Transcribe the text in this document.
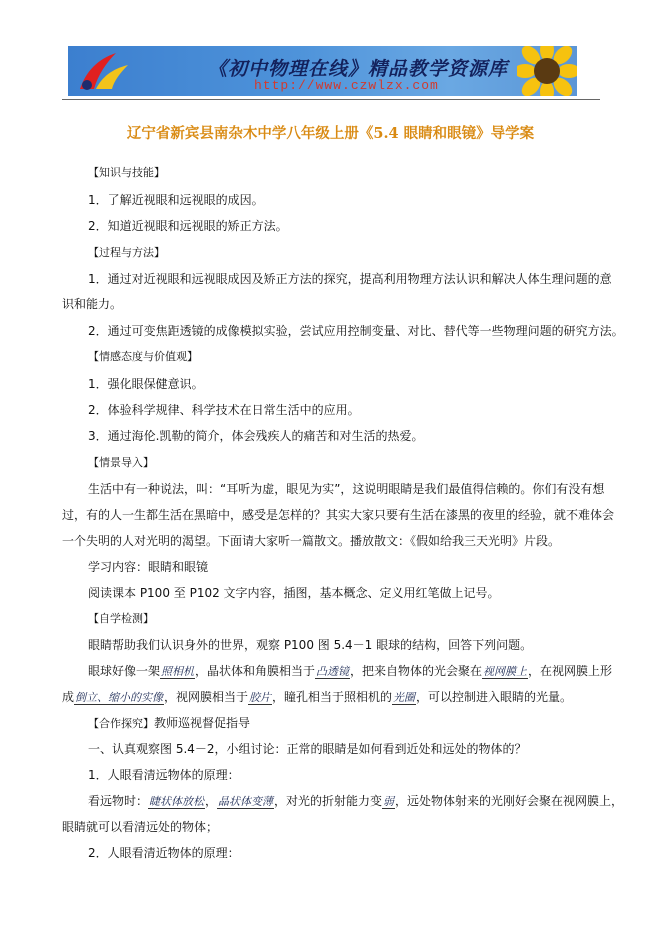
《初中物理在线》精品教学资源库
http://www.czwlzx.com
辽宁省新宾县南杂木中学八年级上册《5.4 眼睛和眼镜》导学案
【知识与技能】
1．了解近视眼和远视眼的成因。
2．知道近视眼和远视眼的矫正方法。
【过程与方法】
1．通过对近视眼和远视眼成因及矫正方法的探究，提高利用物理方法认识和解决人体生理问题的意
识和能力。
2．通过可变焦距透镜的成像模拟实验，尝试应用控制变量、对比、替代等一些物理问题的研究方法。
【情感态度与价值观】
1．强化眼保健意识。
2．体验科学规律、科学技术在日常生活中的应用。
3．通过海伦.凯勒的简介，体会残疾人的痛苦和对生活的热爱。
【情景导入】
生活中有一种说法，叫：“耳听为虚，眼见为实”，这说明眼睛是我们最值得信赖的。你们有没有想
过，有的人一生都生活在黑暗中，感受是怎样的？其实大家只要有生活在漆黑的夜里的经验，就不难体会
一个失明的人对光明的渴望。下面请大家听一篇散文。播放散文：《假如给我三天光明》片段。
学习内容：眼睛和眼镜
阅读课本 P100 至 P102 文字内容，插图，基本概念、定义用红笔做上记号。
【自学检测】
眼睛帮助我们认识身外的世界，观察 P100 图 5.4－1 眼球的结构，回答下列问题。
眼球好像一架照相机，晶状体和角膜相当于凸透镜，把来自物体的光会聚在视网膜上，在视网膜上形
成倒立、缩小的实像，视网膜相当于胶片，瞳孔相当于照相机的光圈，可以控制进入眼睛的光量。
【合作探究】教师巡视督促指导
一、认真观察图 5.4－2，小组讨论：正常的眼睛是如何看到近处和远处的物体的？
1．人眼看清远物体的原理：
看远物时：睫状体放松，晶状体变薄，对光的折射能力变弱，远处物体射来的光刚好会聚在视网膜上，
眼睛就可以看清远处的物体；
2．人眼看清近物体的原理：
